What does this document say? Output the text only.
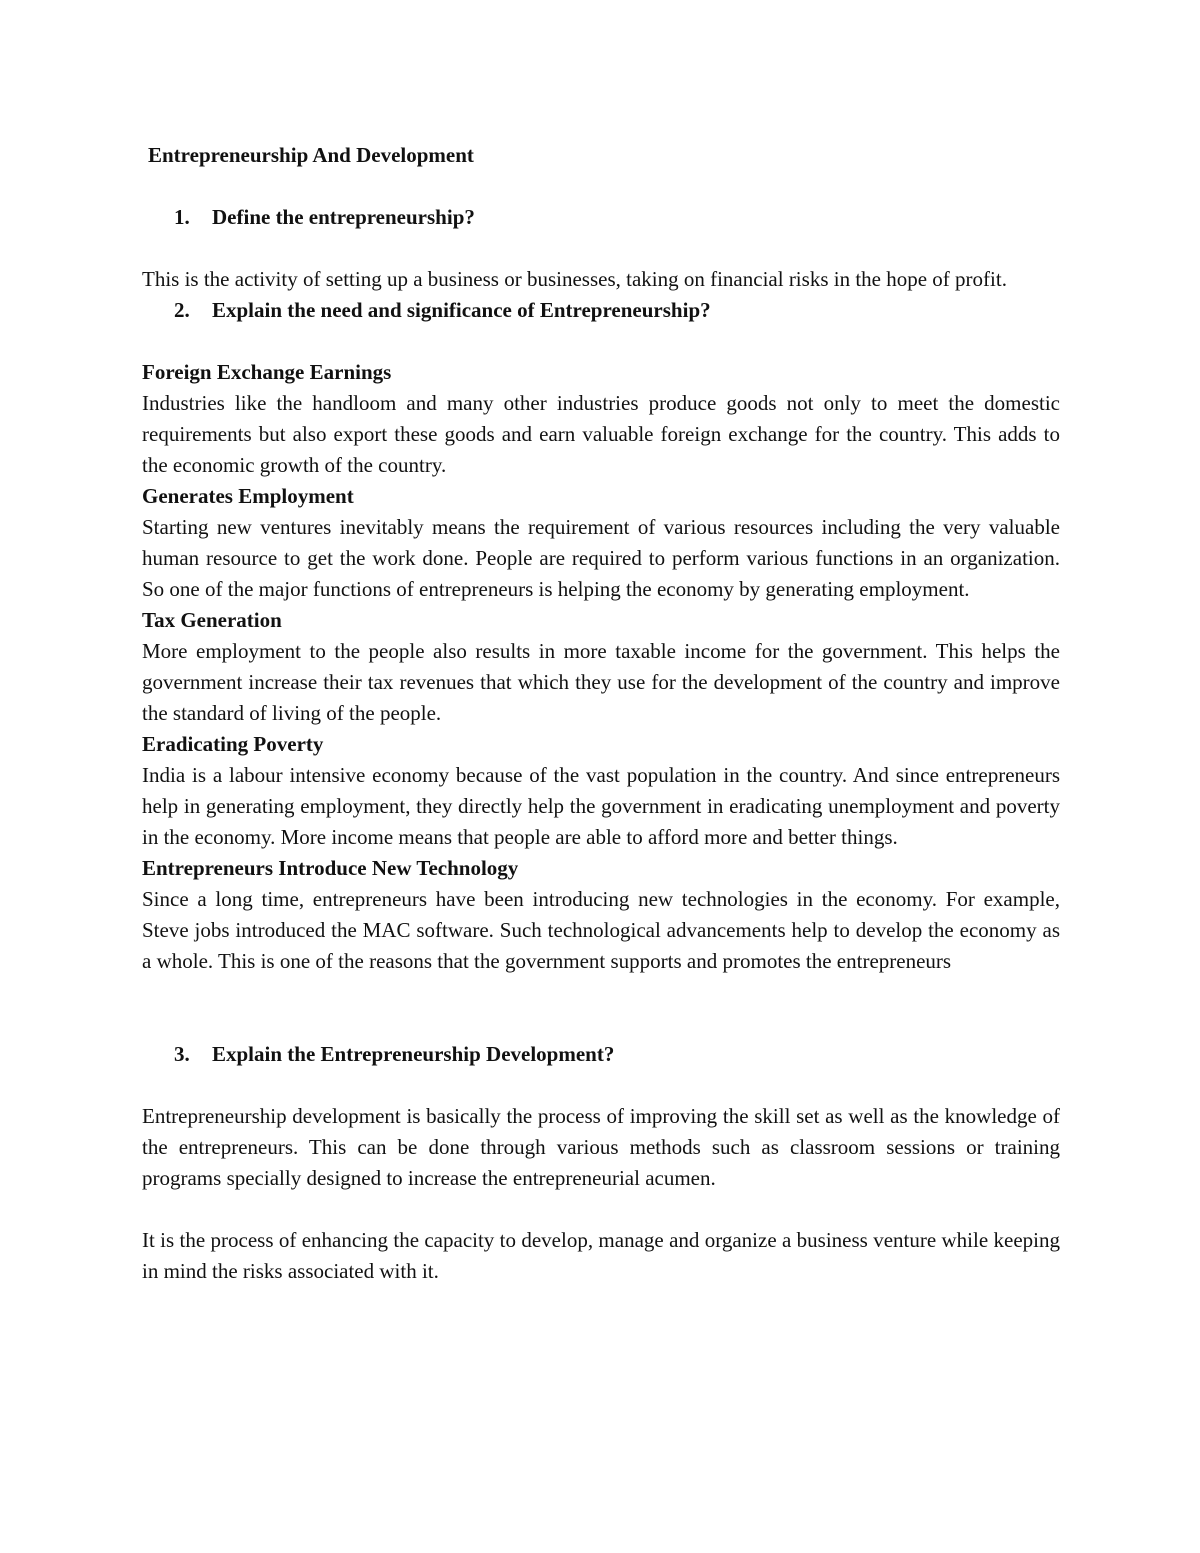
Entrepreneurship And Development
1. Define the entrepreneurship?

This is the activity of setting up a business or businesses, taking on financial risks in the hope of profit.

2. Explain the need and significance of Entrepreneurship?
Foreign Exchange Earnings

Industries like the handloom and many other industries produce goods not only to meet the domestic requirements but also export these goods and earn valuable foreign exchange for the country. This adds to the economic growth of the country.

Generates Employment

Starting new ventures inevitably means the requirement of various resources including the very valuable human resource to get the work done. People are required to perform various functions in an organization. So one of the major functions of entrepreneurs is helping the economy by generating employment.

Tax Generation

More employment to the people also results in more taxable income for the government. This helps the government increase their tax revenues that which they use for the development of the country and improve the standard of living of the people.

Eradicating Poverty

India is a labour intensive economy because of the vast population in the country. And since entrepreneurs help in generating employment, they directly help the government in eradicating unemployment and poverty in the economy. More income means that people are able to afford more and better things.

Entrepreneurs Introduce New Technology

Since a long time, entrepreneurs have been introducing new technologies in the economy. For example, Steve jobs introduced the MAC software. Such technological advancements help to develop the economy as a whole. This is one of the reasons that the government supports and promotes the entrepreneurs

3. Explain the Entrepreneurship Development?

Entrepreneurship development is basically the process of improving the skill set as well as the knowledge of the entrepreneurs. This can be done through various methods such as classroom sessions or training programs specially designed to increase the entrepreneurial acumen.

It is the process of enhancing the capacity to develop, manage and organize a business venture while keeping in mind the risks associated with it.
